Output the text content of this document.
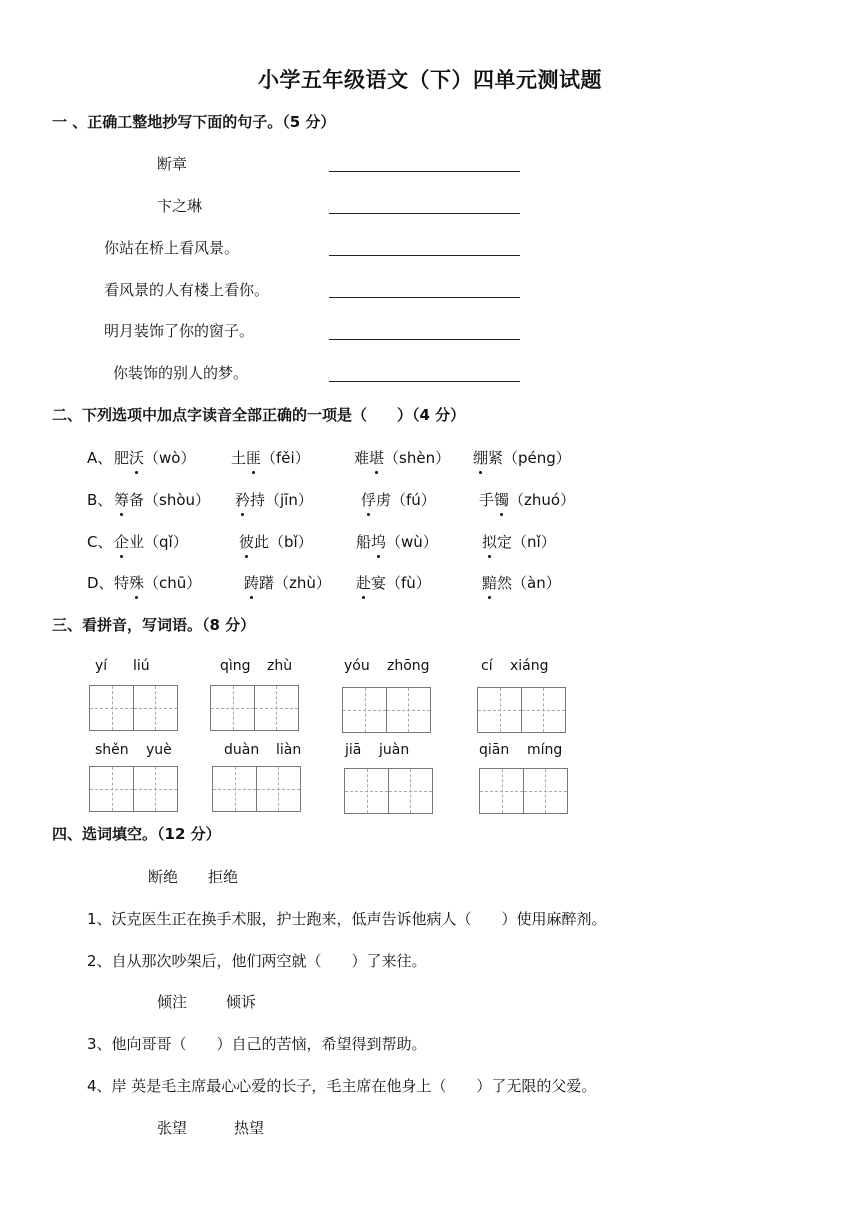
小学五年级语文（下）四单元测试题
一 、正确工整地抄写下面的句子。（5 分）
断章
卞之琳
你站在桥上看风景。
看风景的人有楼上看你。
明月装饰了你的窗子。
你装饰的别人的梦。
二、下列选项中加点字读音全部正确的一项是（　　）（4 分）
A、 肥沃（wò） 土匪（fěi）	难堪（shèn） 绷紧（péng）
B、 筹备（shòu） 矜持（jīn）	俘虏（fú）	手镯（zhuó）
C、 企业（qǐ）	彼此（bǐ）	船坞（wù）	拟定（nǐ）
D、 特殊（chū）	踌躇（zhù） 赴宴（fù）	黯然（àn）
三、看拼音，写词语。（8 分）
yí liú	qìng zhù	yóu zhōng	cí xiáng
shěn yuè	duàn liàn	jiā juàn	qiān míng
四、选词填空。（12 分）
断绝 拒绝
1、沃克医生正在换手术服，护士跑来，低声告诉他病人（　　）使用麻醉剂。
2、自从那次吵架后，他们两空就（　　）了来往。
倾注	倾诉
3、他向哥哥（　　）自己的苦恼，希望得到帮助。
4、岸 英是毛主席最心心爱的长子，毛主席在他身上（　　）了无限的父爱。
张望	热望
